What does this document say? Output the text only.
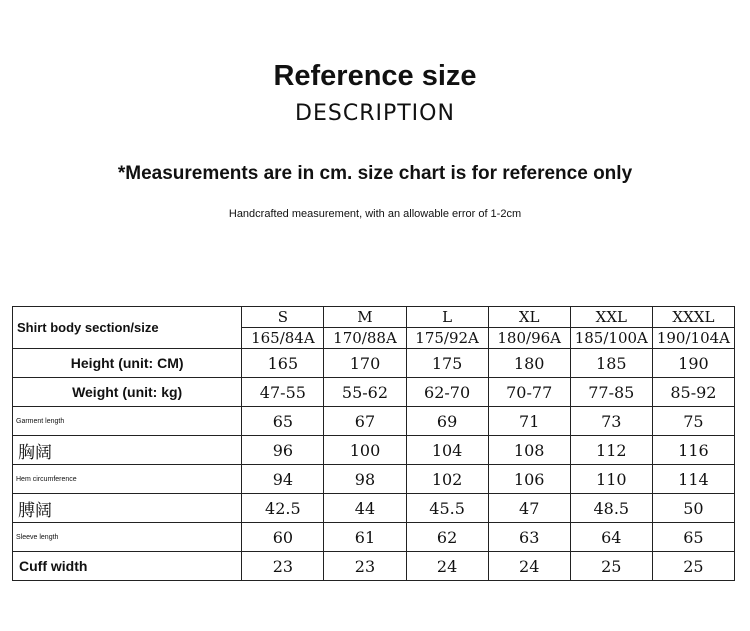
Reference size
DESCRIPTION
*Measurements are in cm. size chart is for reference only
Handcrafted measurement, with an allowable error of 1-2cm
Shirt body section/size	S	M	L	XL	XXL	XXXL
	165/84A	170/88A	175/92A	180/96A	185/100A	190/104A
Height (unit: CM)	165	170	175	180	185	190
Weight (unit: kg)	47-55	55-62	62-70	70-77	77-85	85-92
Garment length	65	67	69	71	73	75
胸阔	96	100	104	108	112	116
Hem circumference	94	98	102	106	110	114
膊阔	42.5	44	45.5	47	48.5	50
Sleeve length	60	61	62	63	64	65
Cuff width	23	23	24	24	25	25
